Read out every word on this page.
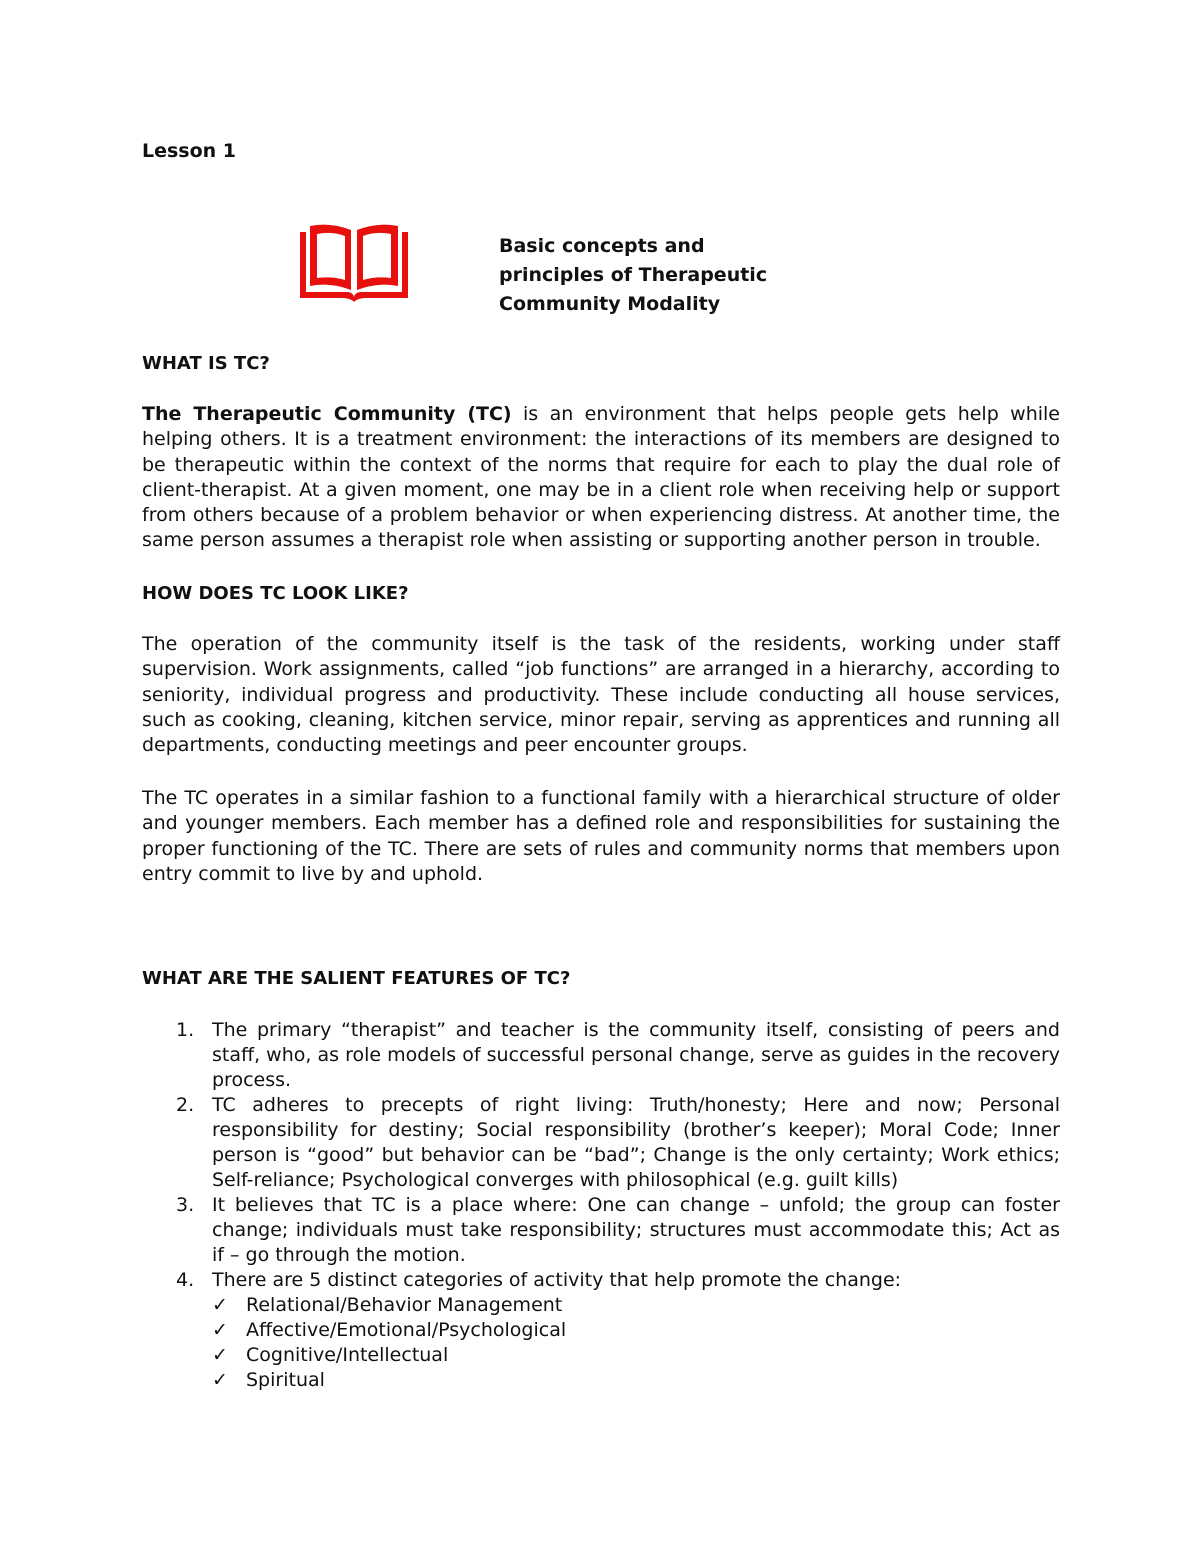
Lesson 1
Basic concepts and
principles of Therapeutic
Community Modality
WHAT IS TC?

The Therapeutic Community (TC) is an environment that helps people gets help while helping others. It is a treatment environment: the interactions of its members are designed to be therapeutic within the context of the norms that require for each to play the dual role of client-therapist. At a given moment, one may be in a client role when receiving help or support from others because of a problem behavior or when experiencing distress. At another time, the same person assumes a therapist role when assisting or supporting another person in trouble.

HOW DOES TC LOOK LIKE?

The operation of the community itself is the task of the residents, working under staff supervision. Work assignments, called “job functions” are arranged in a hierarchy, according to seniority, individual progress and productivity. These include conducting all house services, such as cooking, cleaning, kitchen service, minor repair, serving as apprentices and running all departments, conducting meetings and peer encounter groups.

The TC operates in a similar fashion to a functional family with a hierarchical structure of older and younger members. Each member has a defined role and responsibilities for sustaining the proper functioning of the TC. There are sets of rules and community norms that members upon entry commit to live by and uphold.

WHAT ARE THE SALIENT FEATURES OF TC?
1. The primary “therapist” and teacher is the community itself, consisting of peers and staff, who, as role models of successful personal change, serve as guides in the recovery process.
2. TC adheres to precepts of right living: Truth/honesty; Here and now; Personal responsibility for destiny; Social responsibility (brother’s keeper); Moral Code; Inner person is “good” but behavior can be “bad”; Change is the only certainty; Work ethics; Self-reliance; Psychological converges with philosophical (e.g. guilt kills)
3. It believes that TC is a place where: One can change – unfold; the group can foster change; individuals must take responsibility; structures must accommodate this; Act as if – go through the motion.
4. There are 5 distinct categories of activity that help promote the change:
✓ Relational/Behavior Management
✓ Affective/Emotional/Psychological
✓ Cognitive/Intellectual
✓ Spiritual
